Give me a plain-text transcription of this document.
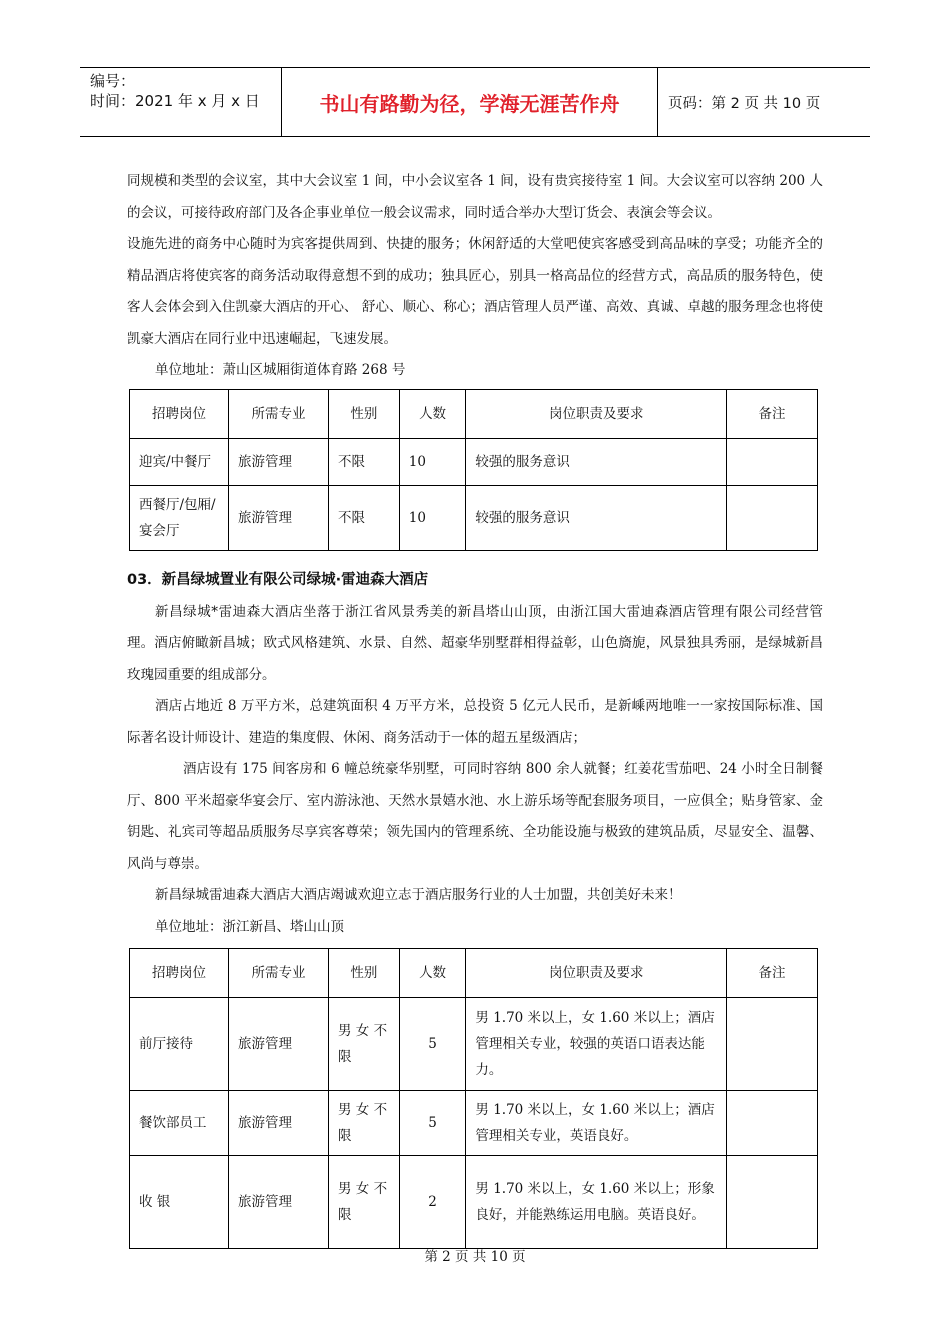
编号：
时间：2021 年 x 月 x 日	书山有路勤为径，学海无涯苦作舟	页码：第 2 页 共 10 页

同规模和类型的会议室，其中大会议室 1 间，中小会议室各 1 间，设有贵宾接待室 1 间。大会议室可以容纳 200 人的会议，可接待政府部门及各企事业单位一般会议需求，同时适合举办大型订货会、表演会等会议。

设施先进的商务中心随时为宾客提供周到、快捷的服务；休闲舒适的大堂吧使宾客感受到高品味的享受；功能齐全的精品酒店将使宾客的商务活动取得意想不到的成功；独具匠心，别具一格高品位的经营方式，高品质的服务特色，使客人会体会到入住凯豪大酒店的开心、 舒心、顺心、称心；酒店管理人员严谨、高效、真诚、卓越的服务理念也将使凯豪大酒店在同行业中迅速崛起，飞速发展。

单位地址：萧山区城厢街道体育路 268 号

招聘岗位	所需专业	性别	人数	岗位职责及要求	备注
迎宾/中餐厅	旅游管理	不限	10	较强的服务意识	
西餐厅/包厢/宴会厅	旅游管理	不限	10	较强的服务意识	
03．新昌绿城置业有限公司绿城·雷迪森大酒店

新昌绿城*雷迪森大酒店坐落于浙江省风景秀美的新昌塔山山顶，由浙江国大雷迪森酒店管理有限公司经营管理。酒店俯瞰新昌城；欧式风格建筑、水景、自然、超豪华别墅群相得益彰，山色旖旎，风景独具秀丽，是绿城新昌玫瑰园重要的组成部分。

酒店占地近 8 万平方米，总建筑面积 4 万平方米，总投资 5 亿元人民币，是新嵊两地唯一一家按国际标准、国际著名设计师设计、建造的集度假、休闲、商务活动于一体的超五星级酒店；

酒店设有 175 间客房和 6 幢总统豪华别墅，可同时容纳 800 余人就餐；红姜花雪茄吧、24 小时全日制餐厅、800 平米超豪华宴会厅、室内游泳池、天然水景嬉水池、水上游乐场等配套服务项目，一应俱全；贴身管家、金钥匙、礼宾司等超品质服务尽享宾客尊荣；领先国内的管理系统、全功能设施与极致的建筑品质，尽显安全、温馨、风尚与尊崇。

新昌绿城雷迪森大酒店大酒店竭诚欢迎立志于酒店服务行业的人士加盟，共创美好未来！

单位地址：浙江新昌、塔山山顶

招聘岗位	所需专业	性别	人数	岗位职责及要求	备注
前厅接待	旅游管理	男 女 不限	5	男 1.70 米以上，女 1.60 米以上；酒店管理相关专业，较强的英语口语表达能力。	
餐饮部员工	旅游管理	男 女 不限	5	男 1.70 米以上，女 1.60 米以上；酒店管理相关专业，英语良好。	
收 银	旅游管理	男 女 不限	2	男 1.70 米以上，女 1.60 米以上；形象良好，并能熟练运用电脑。英语良好。	
第 2 页 共 10 页
